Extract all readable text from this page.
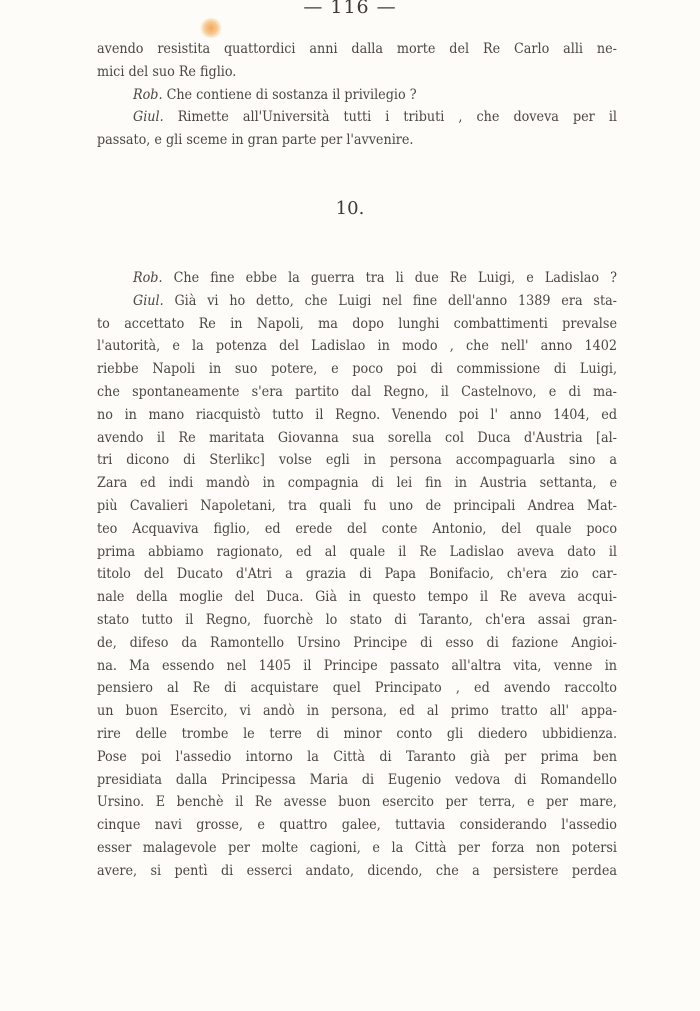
— 116 —
avendo resistita quattordici anni dalla morte del Re Carlo alli ne-
mici del suo Re figlio.
Rob. Che contiene di sostanza il privilegio ?
Giul. Rimette all'Università tutti i tributi , che doveva per il
passato, e gli sceme in gran parte per l'avvenire.
10.
Rob. Che fine ebbe la guerra tra li due Re Luigi, e Ladislao ?
Giul. Già vi ho detto, che Luigi nel fine dell'anno 1389 era sta-
to accettato Re in Napoli, ma dopo lunghi combattimenti prevalse
l'autorità, e la potenza del Ladislao in modo , che nell' anno 1402
riebbe Napoli in suo potere, e poco poi di commissione di Luigi,
che spontaneamente s'era partito dal Regno, il Castelnovo, e di ma-
no in mano riacquistò tutto il Regno. Venendo poi l' anno 1404, ed
avendo il Re maritata Giovanna sua sorella col Duca d'Austria [al-
tri dicono di Sterlikc] volse egli in persona accompaguarla sino a
Zara ed indi mandò in compagnia di lei fin in Austria settanta, e
più Cavalieri Napoletani, tra quali fu uno de principali Andrea Mat-
teo Acquaviva figlio, ed erede del conte Antonio, del quale poco
prima abbiamo ragionato, ed al quale il Re Ladislao aveva dato il
titolo del Ducato d'Atri a grazia di Papa Bonifacio, ch'era zio car-
nale della moglie del Duca. Già in questo tempo il Re aveva acqui-
stato tutto il Regno, fuorchè lo stato di Taranto, ch'era assai gran-
de, difeso da Ramontello Ursino Principe di esso di fazione Angioi-
na. Ma essendo nel 1405 il Principe passato all'altra vita, venne in
pensiero al Re di acquistare quel Principato , ed avendo raccolto
un buon Esercito, vi andò in persona, ed al primo tratto all' appa-
rire delle trombe le terre di minor conto gli diedero ubbidienza.
Pose poi l'assedio intorno la Città di Taranto già per prima ben
presidiata dalla Principessa Maria di Eugenio vedova di Romandello
Ursino. E benchè il Re avesse buon esercito per terra, e per mare,
cinque navi grosse, e quattro galee, tuttavia considerando l'assedio
esser malagevole per molte cagioni, e la Città per forza non potersi
avere, si pentì di esserci andato, dicendo, che a persistere perdea
